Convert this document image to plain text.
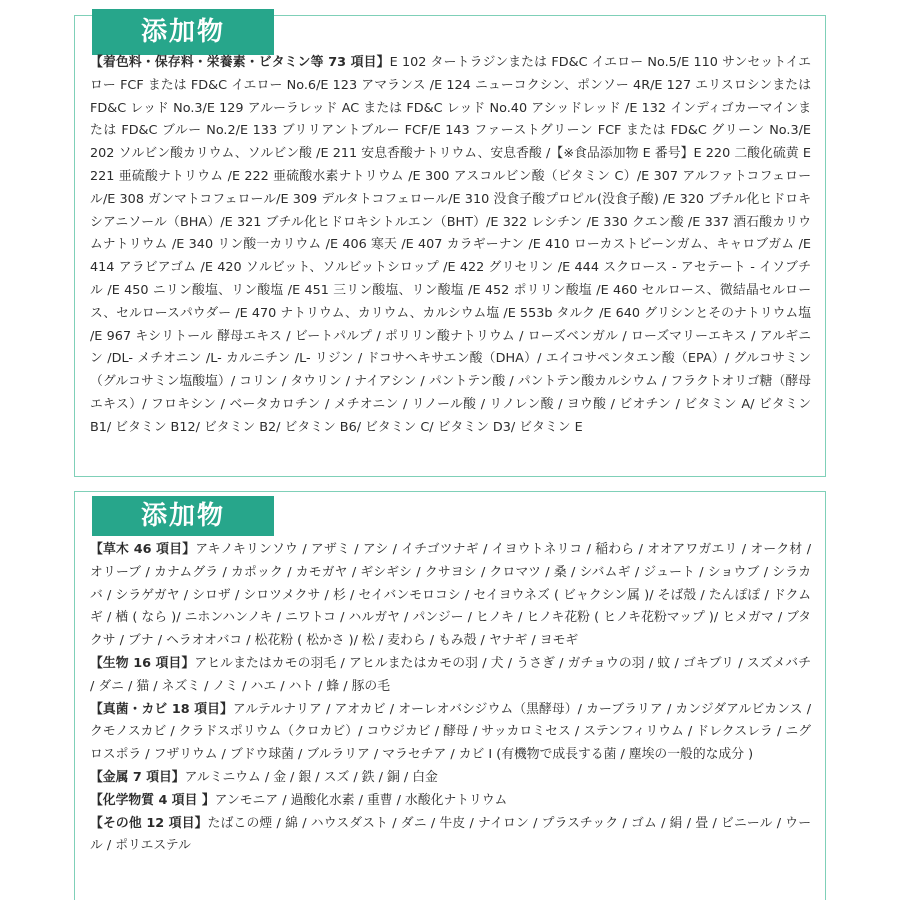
添加物
【着色料・保存料・栄養素・ビタミン等 73 項目】E 102 タートラジンまたは FD&C イエロー No.5/E 110 サンセットイエロー FCF または FD&C イエロー No.6/E 123 アマランス /E 124 ニューコクシン、ポンソー 4R/E 127 エリスロシンまたは FD&C レッド No.3/E 129 アルーラレッド AC または FD&C レッド No.40 アシッドレッド /E 132 インディゴカーマインまたは FD&C ブルー No.2/E 133 ブリリアントブルー FCF/E 143 ファーストグリーン FCF または FD&C グリーン No.3/E 202 ソルビン酸カリウム、ソルビン酸 /E 211 安息香酸ナトリウム、安息香酸 /【※食品添加物 E 番号】E 220 二酸化硫黄 E 221 亜硫酸ナトリウム /E 222 亜硫酸水素ナトリウム /E 300 アスコルビン酸（ビタミン C）/E 307 アルファトコフェロール/E 308 ガンマトコフェロール/E 309 デルタトコフェロール/E 310 没食子酸プロピル(没食子酸) /E 320 ブチル化ヒドロキシアニソール（BHA）/E 321 ブチル化ヒドロキシトルエン（BHT）/E 322 レシチン /E 330 クエン酸 /E 337 酒石酸カリウムナトリウム /E 340 リン酸一カリウム /E 406 寒天 /E 407 カラギーナン /E 410 ローカストビーンガム、キャロブガム /E 414 アラビアゴム /E 420 ソルビット、ソルビットシロップ /E 422 グリセリン /E 444 スクロース - アセテート - イソブチル /E 450 ニリン酸塩、リン酸塩 /E 451 三リン酸塩、リン酸塩 /E 452 ポリリン酸塩 /E 460 セルロース、微結晶セルロース、セルロースパウダー /E 470 ナトリウム、カリウム、カルシウム塩 /E 553b タルク /E 640 グリシンとそのナトリウム塩 /E 967 キシリトール 酵母エキス / ビートパルプ / ポリリン酸ナトリウム / ローズベンガル / ローズマリーエキス / アルギニン /DL- メチオニン /L- カルニチン /L- リジン / ドコサヘキサエン酸（DHA）/ エイコサペンタエン酸（EPA）/ グルコサミン（グルコサミン塩酸塩）/ コリン / タウリン / ナイアシン / パントテン酸 / パントテン酸カルシウム / フラクトオリゴ糖（酵母エキス）/ フロキシン / ベータカロチン / メチオニン / リノール酸 / リノレン酸 / ヨウ酸 / ビオチン / ビタミン A/ ビタミン B1/ ビタミン B12/ ビタミン B2/ ビタミン B6/ ビタミン C/ ビタミン D3/ ビタミン E
添加物
【草木 46 項目】アキノキリンソウ / アザミ / アシ / イチゴツナギ / イヨウトネリコ / 稲わら / オオアワガエリ / オーク材 / オリーブ / カナムグラ / カポック / カモガヤ / ギシギシ / クサヨシ / クロマツ / 桑 / シバムギ / ジュート / ショウブ / シラカバ / シラゲガヤ / シロザ / シロツメクサ / 杉 / セイバンモロコシ / セイヨウネズ ( ビャクシン属 )/ そば殻 / たんぽぽ / ドクムギ / 楢 ( なら )/ ニホンハンノキ / ニワトコ / ハルガヤ / パンジー / ヒノキ / ヒノキ花粉 ( ヒノキ花粉マップ )/ ヒメガマ / ブタクサ / ブナ / ヘラオオバコ / 松花粉 ( 松かさ )/ 松 / 麦わら / もみ殻 / ヤナギ / ヨモギ
【生物 16 項目】アヒルまたはカモの羽毛 / アヒルまたはカモの羽 / 犬 / うさぎ / ガチョウの羽 / 蚊 / ゴキブリ / スズメバチ / ダニ / 猫 / ネズミ / ノミ / ハエ / ハト / 蜂 / 豚の毛
【真菌・カビ 18 項目】アルテルナリア / アオカビ / オーレオバシジウム（黒酵母）/ カーブラリア / カンジダアルビカンス / クモノスカビ / クラドスポリウム（クロカビ）/ コウジカビ / 酵母 / サッカロミセス / ステンフィリウム / ドレクスレラ / ニグロスポラ / フザリウム / ブドウ球菌 / ブルラリア / マラセチア / カビ I (有機物で成長する菌 / 塵埃の一般的な成分 )
【金属 7 項目】アルミニウム / 金 / 銀 / スズ / 鉄 / 銅 / 白金
【化学物質 4 項目 】アンモニア / 過酸化水素 / 重曹 / 水酸化ナトリウム
【その他 12 項目】たばこの煙 / 綿 / ハウスダスト / ダニ / 牛皮 / ナイロン / プラスチック / ゴム / 絹 / 畳 / ビニール / ウール / ポリエステル
